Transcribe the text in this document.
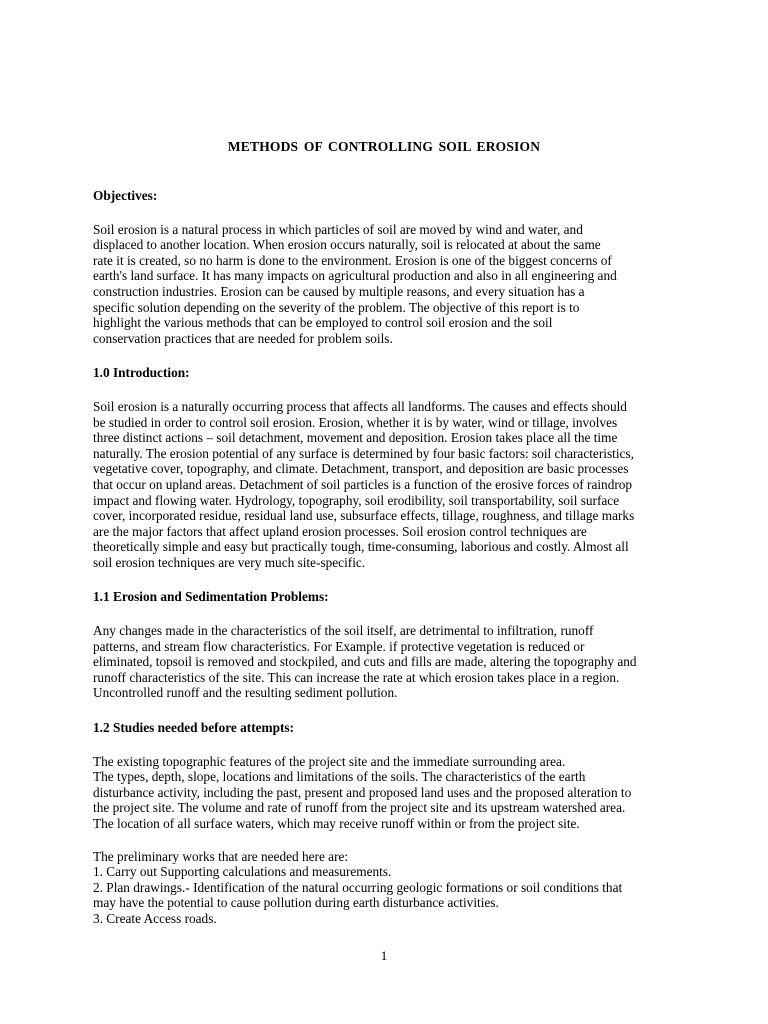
METHODS OF CONTROLLING SOIL EROSION
Objectives:
Soil erosion is a natural process in which particles of soil are moved by wind and water, and
displaced to another location. When erosion occurs naturally, soil is relocated at about the same
rate it is created, so no harm is done to the environment. Erosion is one of the biggest concerns of
earth's land surface. It has many impacts on agricultural production and also in all engineering and
construction industries. Erosion can be caused by multiple reasons, and every situation has a
specific solution depending on the severity of the problem. The objective of this report is to
highlight the various methods that can be employed to control soil erosion and the soil
conservation practices that are needed for problem soils.
1.0 Introduction:
Soil erosion is a naturally occurring process that affects all landforms. The causes and effects should
be studied in order to control soil erosion. Erosion, whether it is by water, wind or tillage, involves
three distinct actions – soil detachment, movement and deposition. Erosion takes place all the time
naturally. The erosion potential of any surface is determined by four basic factors: soil characteristics,
vegetative cover, topography, and climate. Detachment, transport, and deposition are basic processes
that occur on upland areas. Detachment of soil particles is a function of the erosive forces of raindrop
impact and flowing water. Hydrology, topography, soil erodibility, soil transportability, soil surface
cover, incorporated residue, residual land use, subsurface effects, tillage, roughness, and tillage marks
are the major factors that affect upland erosion processes. Soil erosion control techniques are
theoretically simple and easy but practically tough, time-consuming, laborious and costly. Almost all
soil erosion techniques are very much site-specific.
1.1 Erosion and Sedimentation Problems:
Any changes made in the characteristics of the soil itself, are detrimental to infiltration, runoff
patterns, and stream flow characteristics. For Example. if protective vegetation is reduced or
eliminated, topsoil is removed and stockpiled, and cuts and fills are made, altering the topography and
runoff characteristics of the site. This can increase the rate at which erosion takes place in a region.
Uncontrolled runoff and the resulting sediment pollution.
1.2 Studies needed before attempts:
The existing topographic features of the project site and the immediate surrounding area.
The types, depth, slope, locations and limitations of the soils. The characteristics of the earth
disturbance activity, including the past, present and proposed land uses and the proposed alteration to
the project site. The volume and rate of runoff from the project site and its upstream watershed area.
The location of all surface waters, which may receive runoff within or from the project site.
The preliminary works that are needed here are:
1. Carry out Supporting calculations and measurements.
2. Plan drawings.- Identification of the natural occurring geologic formations or soil conditions that
may have the potential to cause pollution during earth disturbance activities.
3. Create Access roads.
1
